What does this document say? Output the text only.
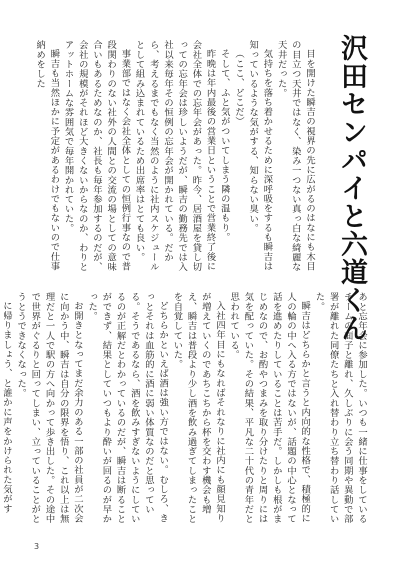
沢田センパイと六道くん
目を開けた瞬吉の視界の先に広がるのはなにも木目の目立つ天井ではなく、染み一つない真っ白な綺麗な天井だった。
気持ちを落ち着かせるために深呼吸をするも瞬吉は知っているような気がする、知らない臭い。
（ここ、どこだ）
そして、ふと気がついてしまう隣の温もり。
昨晩は年内最後の営業日ということで営業終了後に会社全体での忘年会があった。昨今、居酒屋を貸し切っての忘年会は珍しいようだが、瞬吉の勤務先では入社以来毎年その恒例の忘年会が開かれている。だから、考えるまでもなく当然のように社内スケジュールとして組み込まれているため出席率はとても良い。
事業部ではなく会社全体としての恒例行事なので普段関わりのない社外の人間との交流の場としての意味合いもあるためなのか、社長も毎年参加するのだが、会社の規模がそれほど大きくないからなのか、わりとアットホームな雰囲気で毎年開かれていた。
瞬吉も当然ほかに予定があるわけでもないので仕事納めをした
あと忘年会に参加した。いつも一緒に仕事をしているチームの面子と離れ、久しぶりに会う同期や異動で部署が離れた同僚たちと入れ替わり立ち替わり話していた。
瞬吉はどちらかと言うと内向的な性格で、積極的に人の輪の中へ入る方ではないが、話題の中心となって話を進めたりしていることは苦手だ。しかしも根がまじめなので、お酌やつまみを取り分けたりと周りには気を配っていた。その結果、平凡な二十代の青年だと思われている。
入社四年目にもなればそれなりに社内にも顔見知りが増えていくのであちこちから杯を交わす機会も増え、瞬吉は普段より少し酒を飲み過ぎてしまったことを自覚していた。
どちらかといえば酒は強い方ではない。むしろ、きっとそれは血筋的に酒に弱い体質なのだと思っている。そうであるなら、酒を飲みすぎないようにしているのが正解だとわかっているのだが、瞬吉は断ることができず、結果としていつもより酔いが回るのが早かった。
お開きとなってまだ余力のある一部の社員が二次会に向かう中、瞬吉は自分の限界を悟り、これ以上は無理だと一人で駅の方へ向かって歩き出した。その途中で世界がぐるりと回ってしまい、立っていることがとうとうできなくなった。
に帰りましょう、と誰かに声をかけられた気がす
3
